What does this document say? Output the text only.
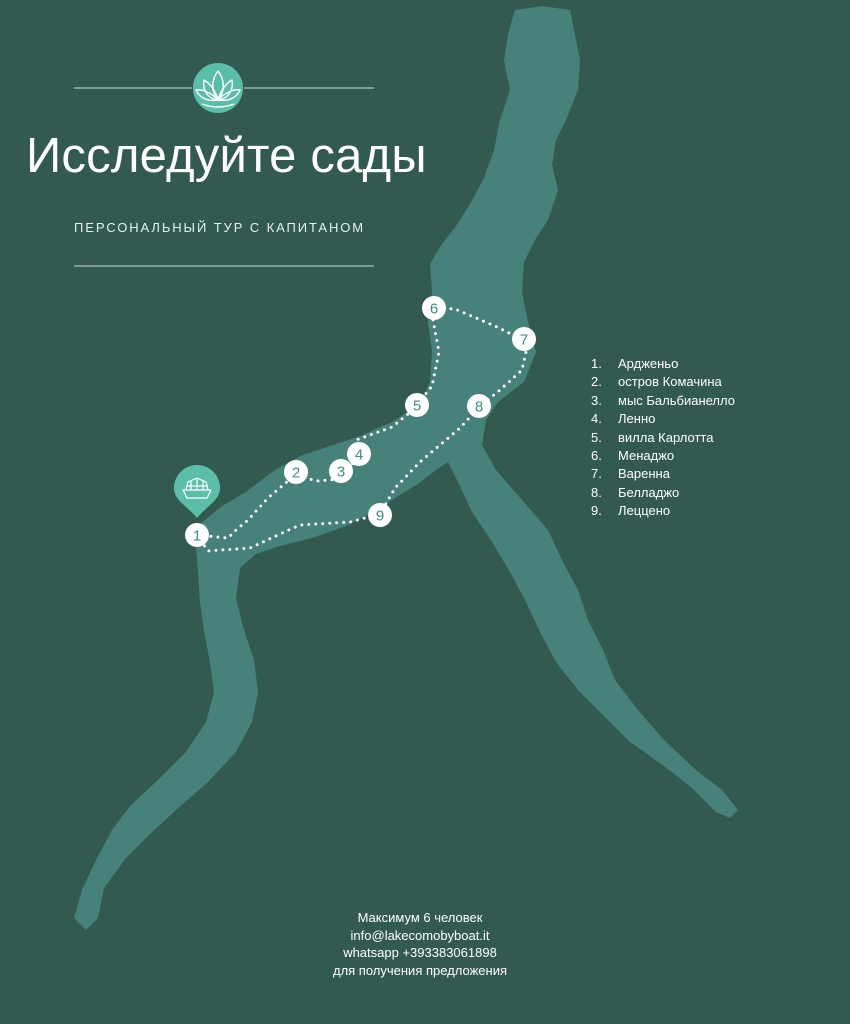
1
2 3
4
5
6
7
8
9
Исследуйте сады
ПЕРСОНАЛЬНЫЙ ТУР С КАПИТАНОМ
1. Ардженьо
2. остров Комачина
3. мыс Бальбианелло
4. Ленно
5. вилла Карлотта
6. Менаджо
7. Варенна
8. Белладжо
9. Леццено
Максимум 6 человек
info@lakecomobyboat.it
whatsapp +393383061898
для получения предложения
